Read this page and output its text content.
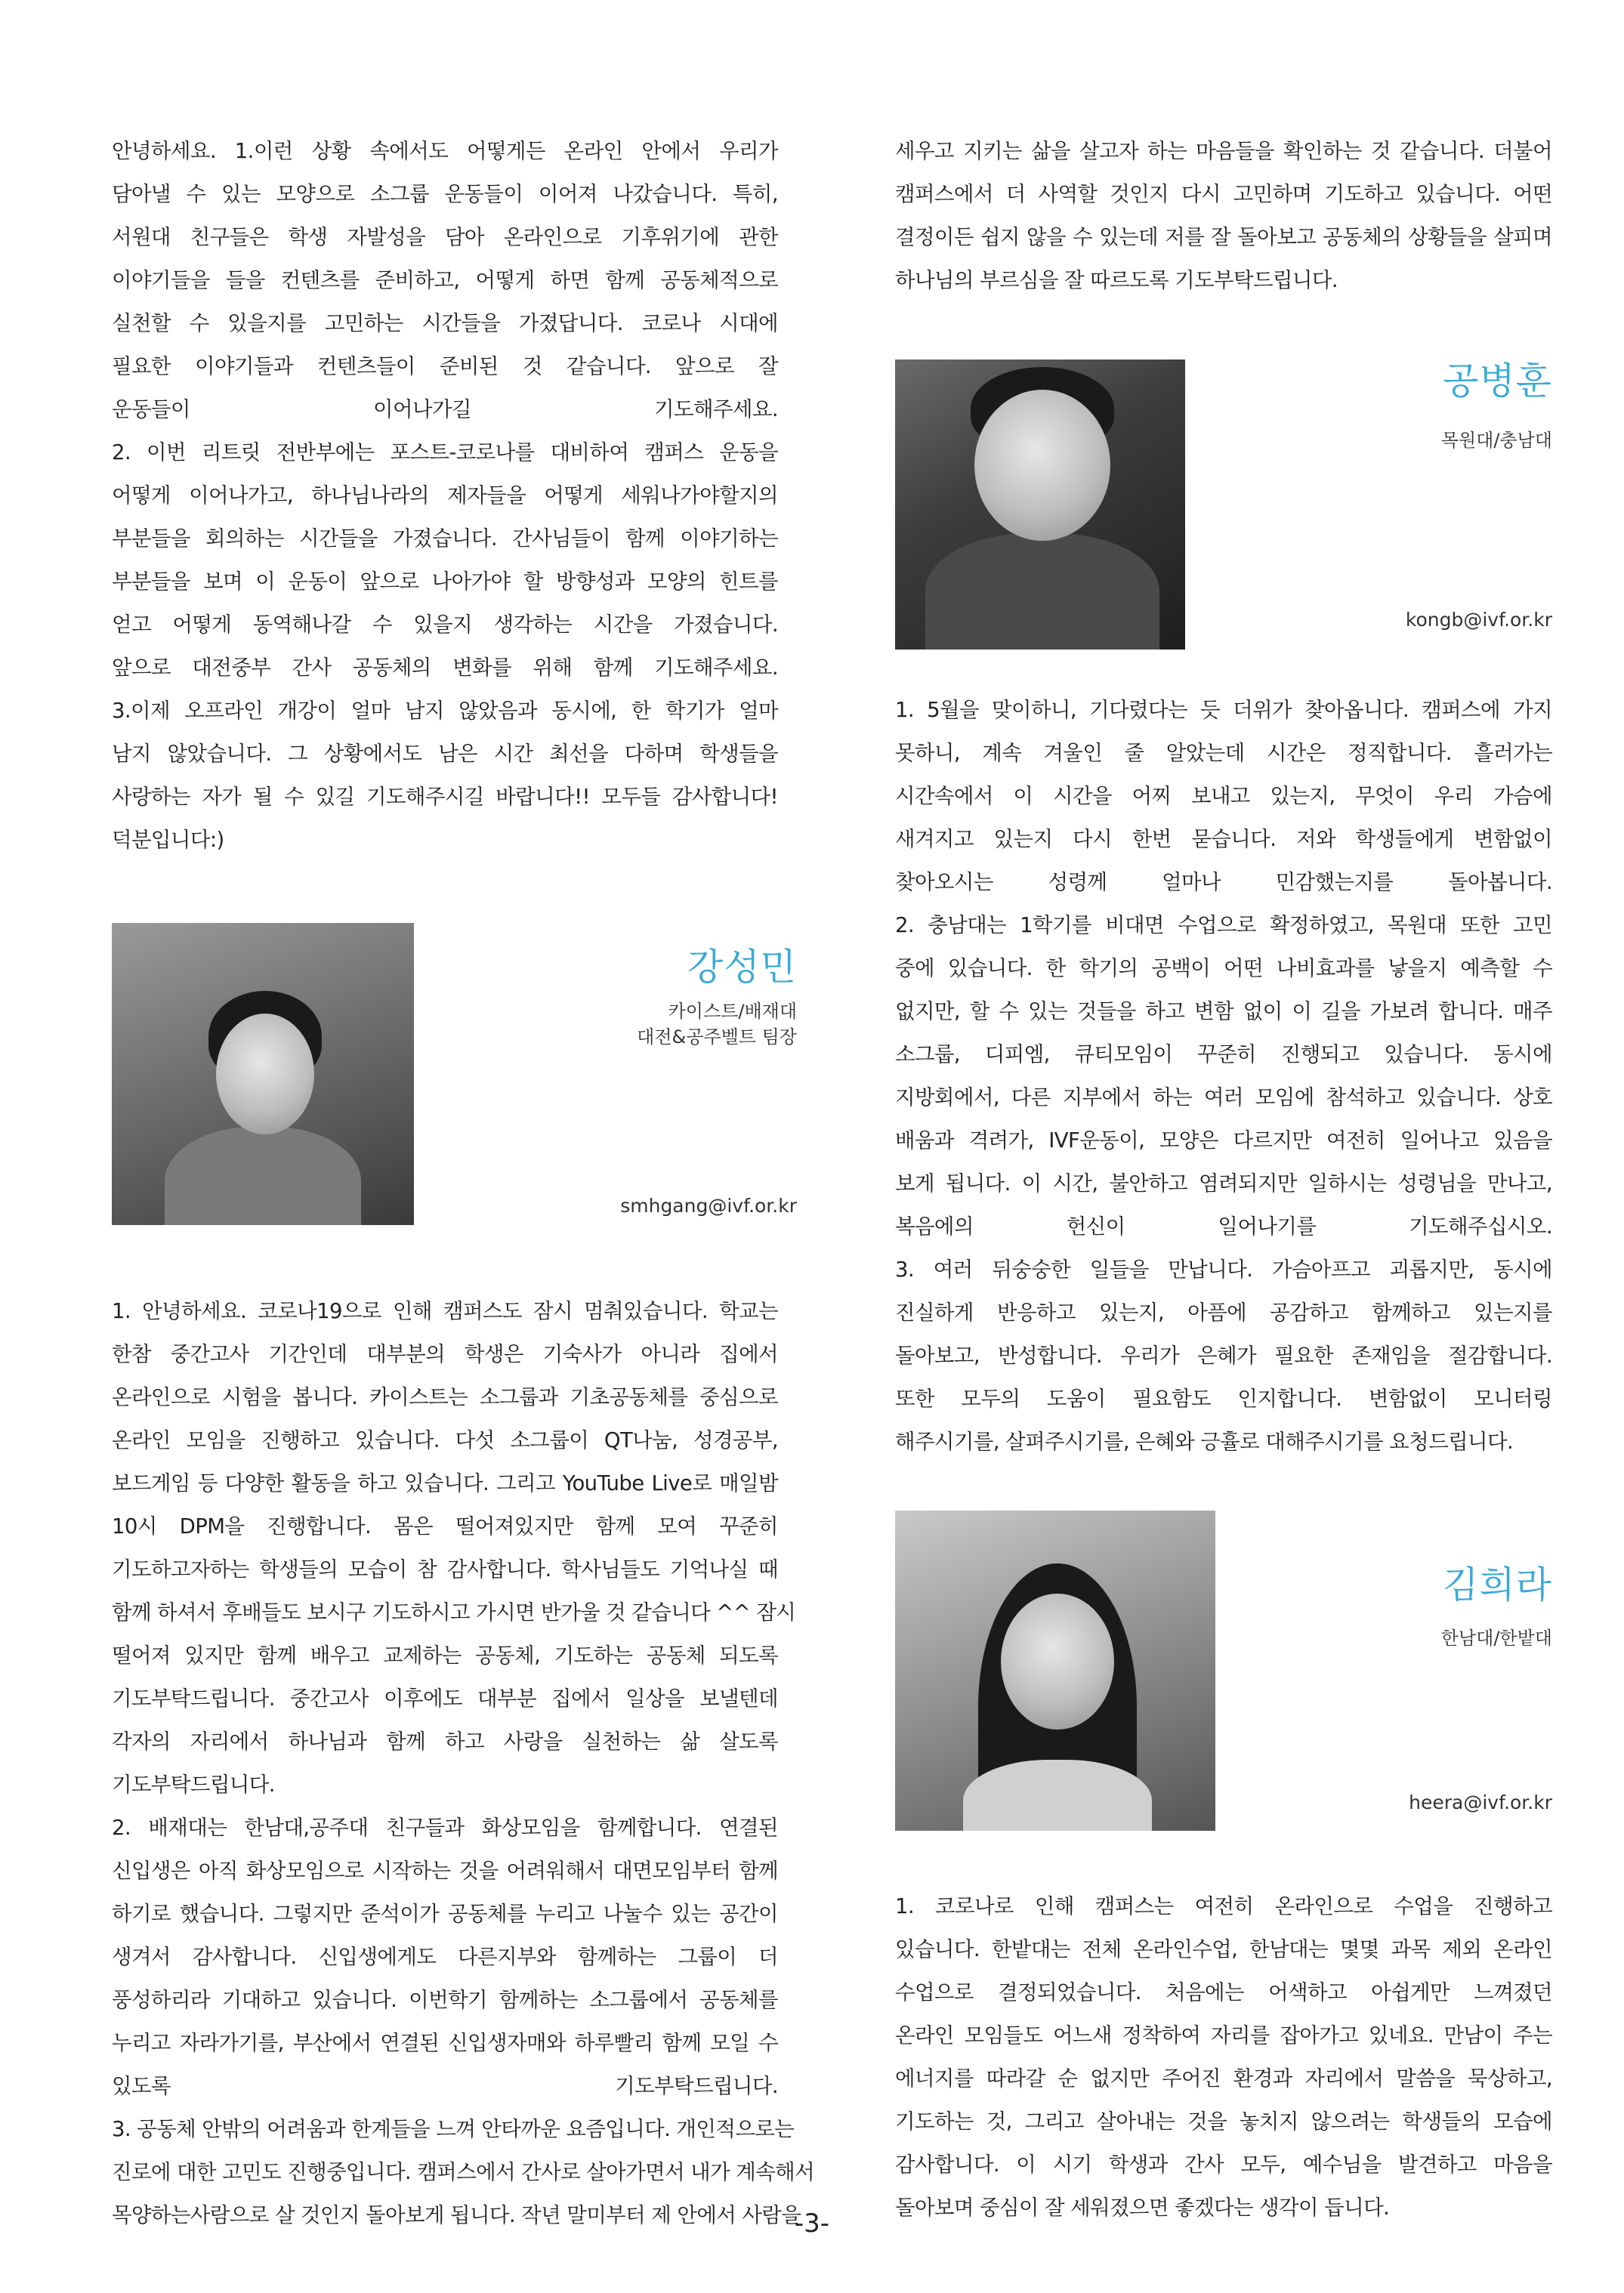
안녕하세요. 1.이런 상황 속에서도 어떻게든 온라인 안에서 우리가
담아낼 수 있는 모양으로 소그룹 운동들이 이어져 나갔습니다. 특히,
서원대 친구들은 학생 자발성을 담아 온라인으로 기후위기에 관한
이야기들을 들을 컨텐츠를 준비하고, 어떻게 하면 함께 공동체적으로
실천할 수 있을지를 고민하는 시간들을 가졌답니다. 코로나 시대에
필요한 이야기들과 컨텐츠들이 준비된 것 같습니다. 앞으로 잘
운동들이 이어나가길 기도해주세요.
2. 이번 리트릿 전반부에는 포스트-코로나를 대비하여 캠퍼스 운동을
어떻게 이어나가고, 하나님나라의 제자들을 어떻게 세워나가야할지의
부분들을 회의하는 시간들을 가졌습니다. 간사님들이 함께 이야기하는
부분들을 보며 이 운동이 앞으로 나아가야 할 방향성과 모양의 힌트를
얻고 어떻게 동역해나갈 수 있을지 생각하는 시간을 가졌습니다.
앞으로 대전중부 간사 공동체의 변화를 위해 함께 기도해주세요.
3.이제 오프라인 개강이 얼마 남지 않았음과 동시에, 한 학기가 얼마
남지 않았습니다. 그 상황에서도 남은 시간 최선을 다하며 학생들을
사랑하는 자가 될 수 있길 기도해주시길 바랍니다!! 모두들 감사합니다!
덕분입니다:)
강성민
카이스트/배재대
대전&공주벨트 팀장
smhgang@ivf.or.kr
1. 안녕하세요. 코로나19으로 인해 캠퍼스도 잠시 멈춰있습니다. 학교는
한참 중간고사 기간인데 대부분의 학생은 기숙사가 아니라 집에서
온라인으로 시험을 봅니다. 카이스트는 소그룹과 기초공동체를 중심으로
온라인 모임을 진행하고 있습니다. 다섯 소그룹이 QT나눔, 성경공부,
보드게임 등 다양한 활동을 하고 있습니다. 그리고 YouTube Live로 매일밤
10시 DPM을 진행합니다. 몸은 떨어져있지만 함께 모여 꾸준히
기도하고자하는 학생들의 모습이 참 감사합니다. 학사님들도 기억나실 때
함께 하셔서 후배들도 보시구 기도하시고 가시면 반가울 것 같습니다 ^^ 잠시
떨어져 있지만 함께 배우고 교제하는 공동체, 기도하는 공동체 되도록
기도부탁드립니다. 중간고사 이후에도 대부분 집에서 일상을 보낼텐데
각자의 자리에서 하나님과 함께 하고 사랑을 실천하는 삶 살도록
기도부탁드립니다.
2. 배재대는 한남대,공주대 친구들과 화상모임을 함께합니다. 연결된
신입생은 아직 화상모임으로 시작하는 것을 어려워해서 대면모임부터 함께
하기로 했습니다. 그렇지만 준석이가 공동체를 누리고 나눌수 있는 공간이
생겨서 감사합니다. 신입생에게도 다른지부와 함께하는 그룹이 더
풍성하리라 기대하고 있습니다. 이번학기 함께하는 소그룹에서 공동체를
누리고 자라가기를, 부산에서 연결된 신입생자매와 하루빨리 함께 모일 수
있도록 기도부탁드립니다.
3. 공동체 안밖의 어려움과 한계들을 느껴 안타까운 요즘입니다. 개인적으로는
진로에 대한 고민도 진행중입니다. 캠퍼스에서 간사로 살아가면서 내가 계속해서
목양하는사람으로 살 것인지 돌아보게 됩니다. 작년 말미부터 제 안에서 사람을
세우고 지키는 삶을 살고자 하는 마음들을 확인하는 것 같습니다. 더불어
캠퍼스에서 더 사역할 것인지 다시 고민하며 기도하고 있습니다. 어떤
결정이든 쉽지 않을 수 있는데 저를 잘 돌아보고 공동체의 상황들을 살피며
하나님의 부르심을 잘 따르도록 기도부탁드립니다.
공병훈
목원대/충남대
kongb@ivf.or.kr
1. 5월을 맞이하니, 기다렸다는 듯 더위가 찾아옵니다. 캠퍼스에 가지
못하니, 계속 겨울인 줄 알았는데 시간은 정직합니다. 흘러가는
시간속에서 이 시간을 어찌 보내고 있는지, 무엇이 우리 가슴에
새겨지고 있는지 다시 한번 묻습니다. 저와 학생들에게 변함없이
찾아오시는 성령께 얼마나 민감했는지를 돌아봅니다.
2. 충남대는 1학기를 비대면 수업으로 확정하였고, 목원대 또한 고민
중에 있습니다. 한 학기의 공백이 어떤 나비효과를 낳을지 예측할 수
없지만, 할 수 있는 것들을 하고 변함 없이 이 길을 가보려 합니다. 매주
소그룹, 디피엠, 큐티모임이 꾸준히 진행되고 있습니다. 동시에
지방회에서, 다른 지부에서 하는 여러 모임에 참석하고 있습니다. 상호
배움과 격려가, IVF운동이, 모양은 다르지만 여전히 일어나고 있음을
보게 됩니다. 이 시간, 불안하고 염려되지만 일하시는 성령님을 만나고,
복음에의 헌신이 일어나기를 기도해주십시오.
3. 여러 뒤숭숭한 일들을 만납니다. 가슴아프고 괴롭지만, 동시에
진실하게 반응하고 있는지, 아픔에 공감하고 함께하고 있는지를
돌아보고, 반성합니다. 우리가 은혜가 필요한 존재임을 절감합니다.
또한 모두의 도움이 필요함도 인지합니다. 변함없이 모니터링
해주시기를, 살펴주시기를, 은혜와 긍휼로 대해주시기를 요청드립니다.
김희라
한남대/한밭대
heera@ivf.or.kr
1. 코로나로 인해 캠퍼스는 여전히 온라인으로 수업을 진행하고
있습니다. 한밭대는 전체 온라인수업, 한남대는 몇몇 과목 제외 온라인
수업으로 결정되었습니다. 처음에는 어색하고 아쉽게만 느껴졌던
온라인 모임들도 어느새 정착하여 자리를 잡아가고 있네요. 만남이 주는
에너지를 따라갈 순 없지만 주어진 환경과 자리에서 말씀을 묵상하고,
기도하는 것, 그리고 살아내는 것을 놓치지 않으려는 학생들의 모습에
감사합니다. 이 시기 학생과 간사 모두, 예수님을 발견하고 마음을
돌아보며 중심이 잘 세워졌으면 좋겠다는 생각이 듭니다.
-3-
